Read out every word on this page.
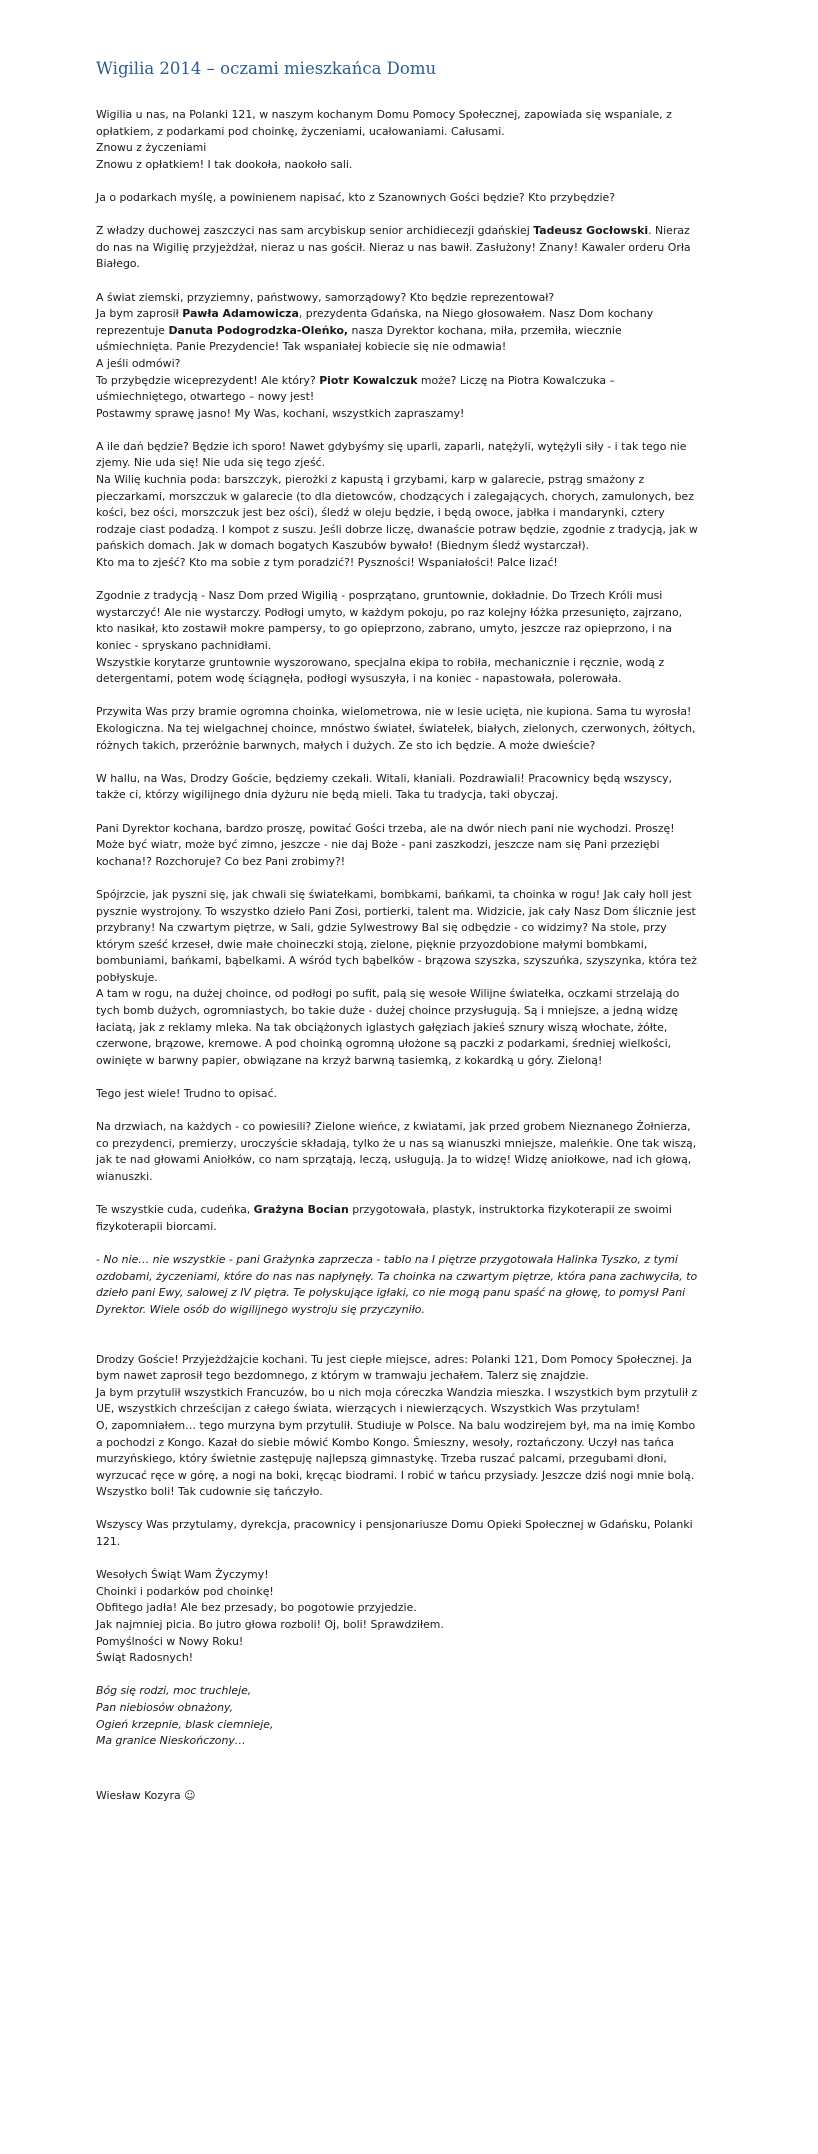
Wigilia 2014 – oczami mieszkańca Domu

Wigilia u nas, na Polanki 121, w naszym kochanym Domu Pomocy Społecznej, zapowiada się wspaniale, z opłatkiem, z podarkami pod choinkę, życzeniami, ucałowaniami. Całusami.
Znowu z życzeniami
Znowu z opłatkiem! I tak dookoła, naokoło sali.

Ja o podarkach myślę, a powinienem napisać, kto z Szanownych Gości będzie? Kto przybędzie?

Z władzy duchowej zaszczyci nas sam arcybiskup senior archidiecezji gdańskiej Tadeusz Gocłowski. Nieraz do nas na Wigilię przyjeżdżał, nieraz u nas gościł. Nieraz u nas bawił. Zasłużony! Znany! Kawaler orderu Orła Białego.

A świat ziemski, przyziemny, państwowy, samorządowy? Kto będzie reprezentował?
Ja bym zaprosił Pawła Adamowicza, prezydenta Gdańska, na Niego głosowałem. Nasz Dom kochany reprezentuje Danuta Podogrodzka-Oleńko, nasza Dyrektor kochana, miła, przemiła, wiecznie uśmiechnięta. Panie Prezydencie! Tak wspaniałej kobiecie się nie odmawia!
A jeśli odmówi?
To przybędzie wiceprezydent! Ale który? Piotr Kowalczuk może? Liczę na Piotra Kowalczuka – uśmiechniętego, otwartego – nowy jest!
Postawmy sprawę jasno! My Was, kochani, wszystkich zapraszamy!

A ile dań będzie? Będzie ich sporo! Nawet gdybyśmy się uparli, zaparli, natężyli, wytężyli siły - i tak tego nie zjemy. Nie uda się! Nie uda się tego zjeść.
Na Wilię kuchnia poda: barszczyk, pierożki z kapustą i grzybami, karp w galarecie, pstrąg smażony z pieczarkami, morszczuk w galarecie (to dla dietowców, chodzących i zalegających, chorych, zamulonych, bez kości, bez ości, morszczuk jest bez ości), śledź w oleju będzie, i będą owoce, jabłka i mandarynki, cztery rodzaje ciast podadzą. I kompot z suszu. Jeśli dobrze liczę, dwanaście potraw będzie, zgodnie z tradycją, jak w pańskich domach. Jak w domach bogatych Kaszubów bywało! (Biednym śledź wystarczał).
Kto ma to zjeść? Kto ma sobie z tym poradzić?! Pyszności! Wspaniałości! Palce lizać!

Zgodnie z tradycją - Nasz Dom przed Wigilią - posprzątano, gruntownie, dokładnie. Do Trzech Króli musi wystarczyć! Ale nie wystarczy. Podłogi umyto, w każdym pokoju, po raz kolejny łóżka przesunięto, zajrzano, kto nasikał, kto zostawił mokre pampersy, to go opieprzono, zabrano, umyto, jeszcze raz opieprzono, i na koniec - spryskano pachnidłami.
Wszystkie korytarze gruntownie wyszorowano, specjalna ekipa to robiła, mechanicznie i ręcznie, wodą z detergentami, potem wodę ściągnęła, podłogi wysuszyła, i na koniec - napastowała, polerowała.

Przywita Was przy bramie ogromna choinka, wielometrowa, nie w lesie ucięta, nie kupiona. Sama tu wyrosła! Ekologiczna. Na tej wielgachnej choince, mnóstwo świateł, światełek, białych, zielonych, czerwonych, żółtych, różnych takich, przeróżnie barwnych, małych i dużych. Ze sto ich będzie. A może dwieście?

W hallu, na Was, Drodzy Goście, będziemy czekali. Witali, kłaniali. Pozdrawiali! Pracownicy będą wszyscy, także ci, którzy wigilijnego dnia dyżuru nie będą mieli. Taka tu tradycja, taki obyczaj.

Pani Dyrektor kochana, bardzo proszę, powitać Gości trzeba, ale na dwór niech pani nie wychodzi. Proszę! Może być wiatr, może być zimno, jeszcze - nie daj Boże - pani zaszkodzi, jeszcze nam się Pani przeziębi kochana!? Rozchoruje? Co bez Pani zrobimy?!

Spójrzcie, jak pyszni się, jak chwali się światełkami, bombkami, bańkami, ta choinka w rogu! Jak cały holl jest pysznie wystrojony. To wszystko dzieło Pani Zosi, portierki, talent ma. Widzicie, jak cały Nasz Dom ślicznie jest przybrany! Na czwartym piętrze, w Sali, gdzie Sylwestrowy Bal się odbędzie - co widzimy? Na stole, przy którym sześć krzeseł, dwie małe choineczki stoją, zielone, pięknie przyozdobione małymi bombkami, bombuniami, bańkami, bąbelkami. A wśród tych bąbelków - brązowa szyszka, szyszuńka, szyszynka, która też pobłyskuje.
A tam w rogu, na dużej choince, od podłogi po sufit, palą się wesołe Wilijne światełka, oczkami strzelają do tych bomb dużych, ogromniastych, bo takie duże - dużej choince przysługują. Są i mniejsze, a jedną widzę łaciatą, jak z reklamy mleka. Na tak obciążonych iglastych gałęziach jakieś sznury wiszą włochate, żółte, czerwone, brązowe, kremowe. A pod choinką ogromną ułożone są paczki z podarkami, średniej wielkości, owinięte w barwny papier, obwiązane na krzyż barwną tasiemką, z kokardką u góry. Zieloną!

Tego jest wiele! Trudno to opisać.

Na drzwiach, na każdych - co powiesili? Zielone wieńce, z kwiatami, jak przed grobem Nieznanego Żołnierza, co prezydenci, premierzy, uroczyście składają, tylko że u nas są wianuszki mniejsze, maleńkie. One tak wiszą, jak te nad głowami Aniołków, co nam sprzątają, leczą, usługują. Ja to widzę! Widzę aniołkowe, nad ich głową, wianuszki.

Te wszystkie cuda, cudeńka, Grażyna Bocian przygotowała, plastyk, instruktorka fizykoterapii ze swoimi fizykoterapii biorcami.

- No nie… nie wszystkie - pani Grażynka zaprzecza - tablo na I piętrze przygotowała Halinka Tyszko, z tymi ozdobami, życzeniami, które do nas nas napłynęły. Ta choinka na czwartym piętrze, która pana zachwyciła, to dzieło pani Ewy, salowej z IV piętra. Te połyskujące igłaki, co nie mogą panu spaść na głowę, to pomysł Pani Dyrektor. Wiele osób do wigilijnego wystroju się przyczyniło.

Drodzy Goście! Przyjeżdżajcie kochani. Tu jest ciepłe miejsce, adres: Polanki 121, Dom Pomocy Społecznej. Ja bym nawet zaprosił tego bezdomnego, z którym w tramwaju jechałem. Talerz się znajdzie.
Ja bym przytulił wszystkich Francuzów, bo u nich moja córeczka Wandzia mieszka. I wszystkich bym przytulił z UE, wszystkich chrześcijan z całego świata, wierzących i niewierzących. Wszystkich Was przytulam!
O, zapomniałem… tego murzyna bym przytulił. Studiuje w Polsce. Na balu wodzirejem był, ma na imię Kombo a pochodzi z Kongo. Kazał do siebie mówić Kombo Kongo. Śmieszny, wesoły, roztańczony. Uczył nas tańca murzyńskiego, który świetnie zastępuję najlepszą gimnastykę. Trzeba ruszać palcami, przegubami dłoni, wyrzucać ręce w górę, a nogi na boki, kręcąc biodrami. I robić w tańcu przysiady. Jeszcze dziś nogi mnie bolą. Wszystko boli! Tak cudownie się tańczyło.

Wszyscy Was przytulamy, dyrekcja, pracownicy i pensjonariusze Domu Opieki Społecznej w Gdańsku, Polanki 121.

Wesołych Świąt Wam Życzymy!
Choinki i podarków pod choinkę!
Obfitego jadła! Ale bez przesady, bo pogotowie przyjedzie.
Jak najmniej picia. Bo jutro głowa rozboli! Oj, boli! Sprawdziłem.
Pomyślności w Nowy Roku!
Świąt Radosnych!

Bóg się rodzi, moc truchleje,
Pan niebiosów obnażony,
Ogień krzepnie, blask ciemnieje,
Ma granice Nieskończony…

Wiesław Kozyra ☺
